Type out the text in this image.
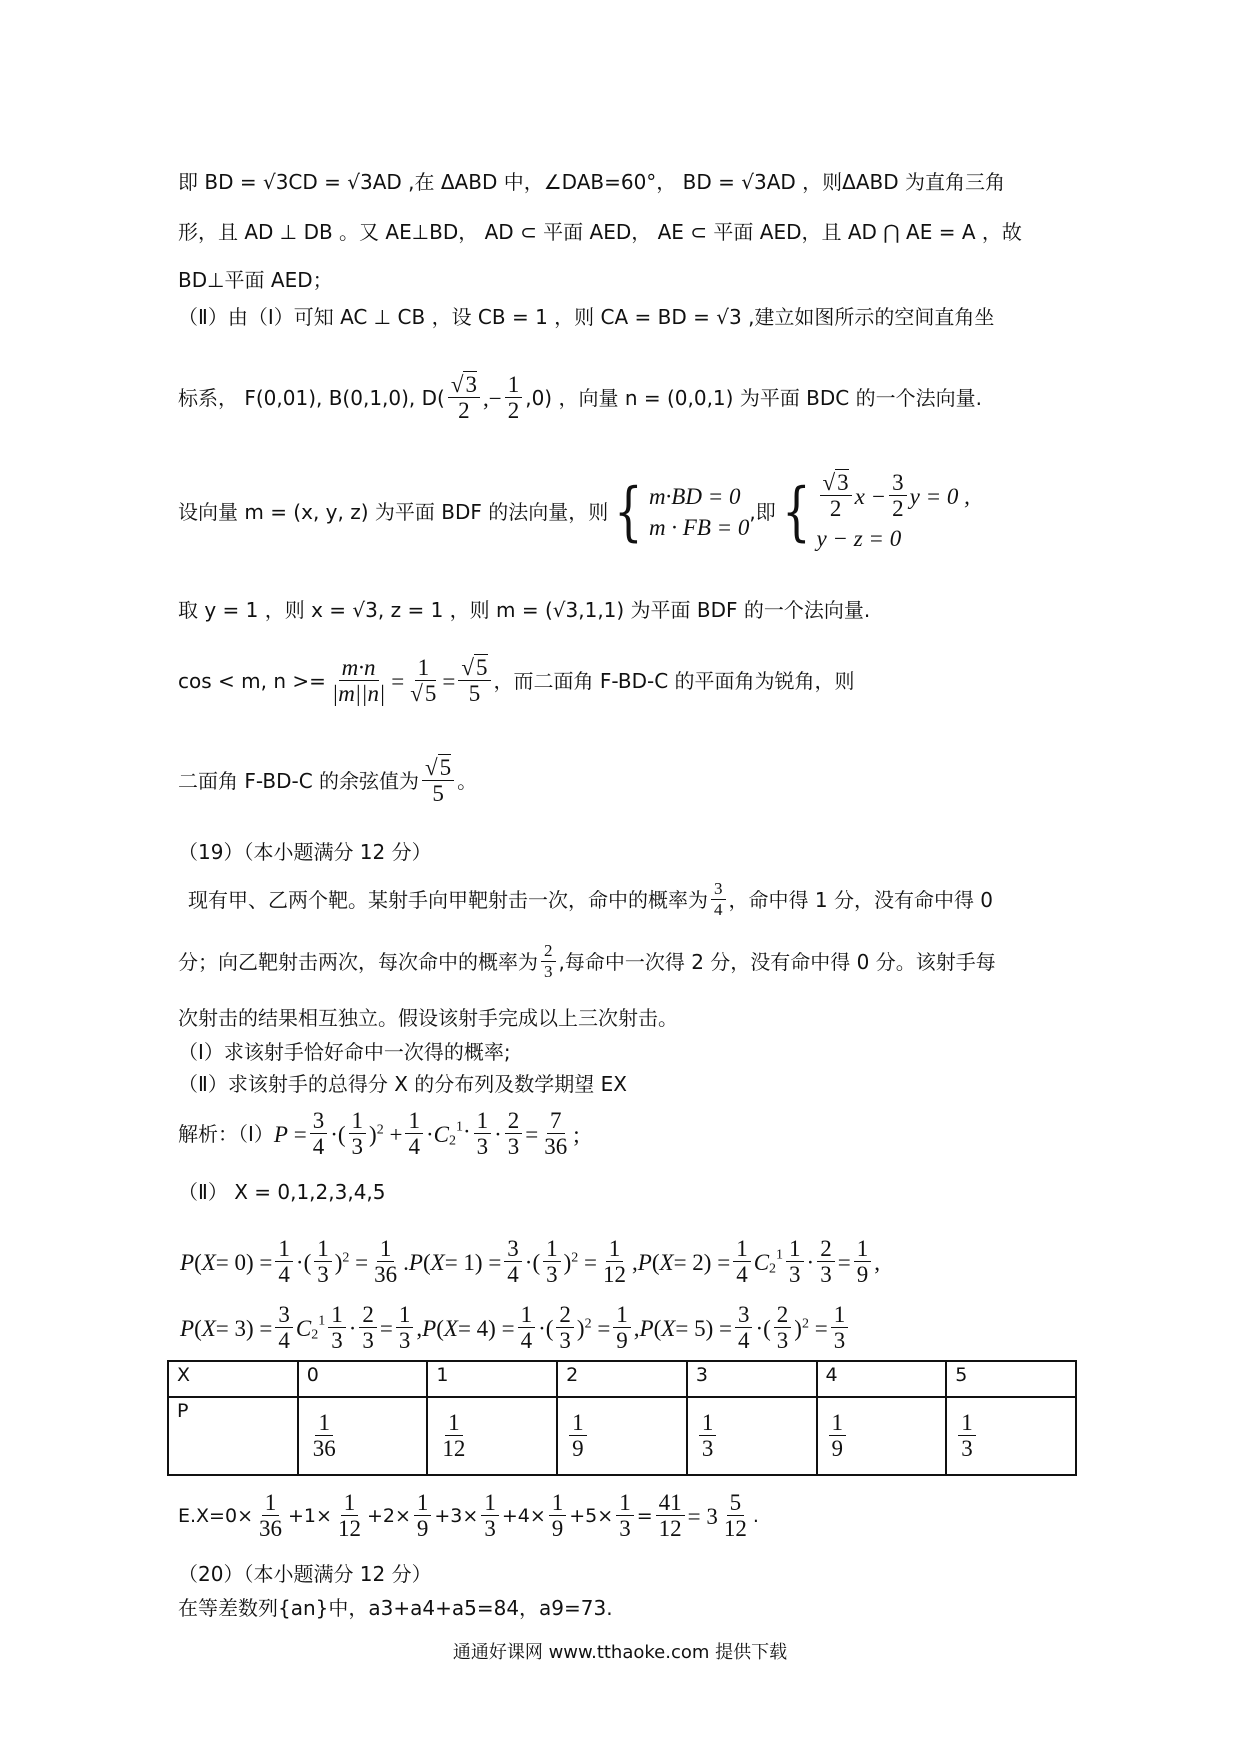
即 BD = √3CD = √3AD ,在 ΔABD 中，∠DAB=60°， BD = √3AD ，则ΔABD 为直角三角
形，且 AD ⊥ DB 。又 AE⊥BD， AD ⊂ 平面 AED， AE ⊂ 平面 AED，且 AD ⋂ AE = A ，故
BD⊥平面 AED；
（Ⅱ）由（Ⅰ）可知 AC ⊥ CB ，设 CB = 1 ，则 CA = BD = √3 ,建立如图所示的空间直角坐
标系， F(0,01), B(0,1,0), $D( \frac{√3}{2}$ ,− $\frac{1}{2} ,0$) ，向量 n = (0,0,1) 为平面 BDC 的一个法向量.
设向量 m = (x, y, z) 为平面 BDF 的法向量，则 { m·BD = 0
m · FB = 0
,即 { $\frac{√3}{2}$ $x - \frac{3}{2}$ y = 0 ,
y − z = 0
取 y = 1 ，则 x = √3, z = 1 ，则 m = (√3,1,1) 为平面 BDF 的一个法向量.
cos < m, $n >= \frac{m\cdot n}{|m||n|} = \frac{1}{√5} = \frac{√5}{5}$ ，而二面角 F-BD-C 的平面角为锐角，则
二面角 F-BD-C 的余弦值为 $\frac{√5}{5}$ 。
（19）（本小题满分 12 分）
现有甲、乙两个靶。某射手向甲靶射击一次，命中的概率为 $\frac{3}{4}$ ，命中得 1 分，没有命中得 0
分；向乙靶射击两次，每次命中的概率为 $\frac{2}{3}$ ,每命中一次得 2 分，没有命中得 0 分。该射手每
次射击的结果相互独立。假设该射手完成以上三次射击。
（Ⅰ）求该射手恰好命中一次得的概率;
（Ⅱ）求该射手的总得分 X 的分布列及数学期望 EX
解析：（Ⅰ） $P = \frac{3}{4}$ ·( $\frac{1}{3} )^2 + \frac{1}{4} \cdot C$ $_2^1\cdot \frac{1}{3} \cdot \frac{2}{3} = \frac{7}{36}$ ;
（Ⅱ） X = 0,1,2,3,4,5
P ( $X = 0) = \frac{1}{4}$ ·( $\frac{1}{3} )^2 = \frac{1}{36}$ . P ( $X = 1) = \frac{3}{4}$ ·( $\frac{1}{3} )^2 = \frac{1}{12}$ , P ( $X = 2) = \frac{1}{4}$ C $_2^1 \frac{1}{3} \cdot \frac{2}{3} = \frac{1}{9}$ ,
P ( $X = 3) = \frac{3}{4}$ C $_2^1 \frac{1}{3} \cdot \frac{2}{3} = \frac{1}{3}$ , P ( $X = 4) = \frac{1}{4}$ ·( $\frac{2}{3} )^2 = \frac{1}{9}$ , P ( $X = 5) = \frac{3}{4}$ ·( $\frac{2}{3} )^2 = \frac{1}{3}$
X	0	1	2	3	4	5
P	$\frac{1}{36}$	$\frac{1}{12}$	$\frac{1}{9}$	$\frac{1}{3}$	$\frac{1}{9}$	$\frac{1}{3}$
$E.X=0\times \frac{1}{36} +1\times \frac{1}{12} +2\times \frac{1}{9} +3\times \frac{1}{3} +4\times \frac{1}{9} +5\times \frac{1}{3} = \frac{41}{12} = 3 \frac{5}{12}$ .
（20）（本小题满分 12 分）
在等差数列{an}中，a3+a4+a5=84，a9=73.
通通好课网 www.tthaoke.com 提供下载
